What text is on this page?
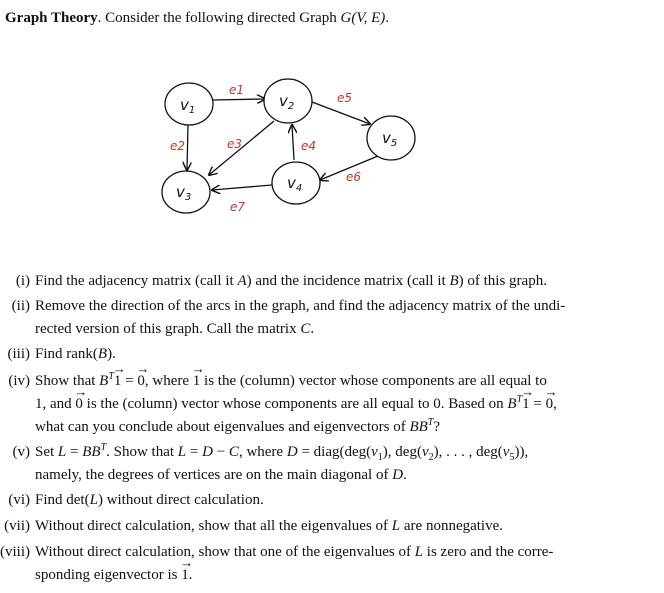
Graph Theory. Consider the following directed Graph G(V, E).
$v_1$
$v_2$
$v_3$
$v_4$
$v_5$
e1
e2	e3	e4
e5
e6
e7
(i) Find the adjacency matrix (call it A) and the incidence matrix (call it B) of this graph.
(ii) Remove the direction of the arcs in the graph, and find the adjacency matrix of the undi-
rected version of this graph. Call the matrix C.
(iii) Find rank(B).
(iv) Show that $B^T\to 1$ = → 0, where → 1 is the (column) vector whose components are all equal to
1, and → 0 is the (column) vector whose components are all equal to 0. Based on $B^T\to 1$ = → 0,
what can you conclude about eigenvalues and eigenvectors of $BB^T$?
(v) Set $L = BB^T$. Show that L = D − C, where $D = diag(deg(v_1)$, $deg(v_2)$, . . . , $deg(v_5)$),
namely, the degrees of vertices are on the main diagonal of D.
(vi) Find det(L) without direct calculation.
(vii) Without direct calculation, show that all the eigenvalues of L are nonnegative.
(viii) Without direct calculation, show that one of the eigenvalues of L is zero and the corre-
sponding eigenvector is → 1.
